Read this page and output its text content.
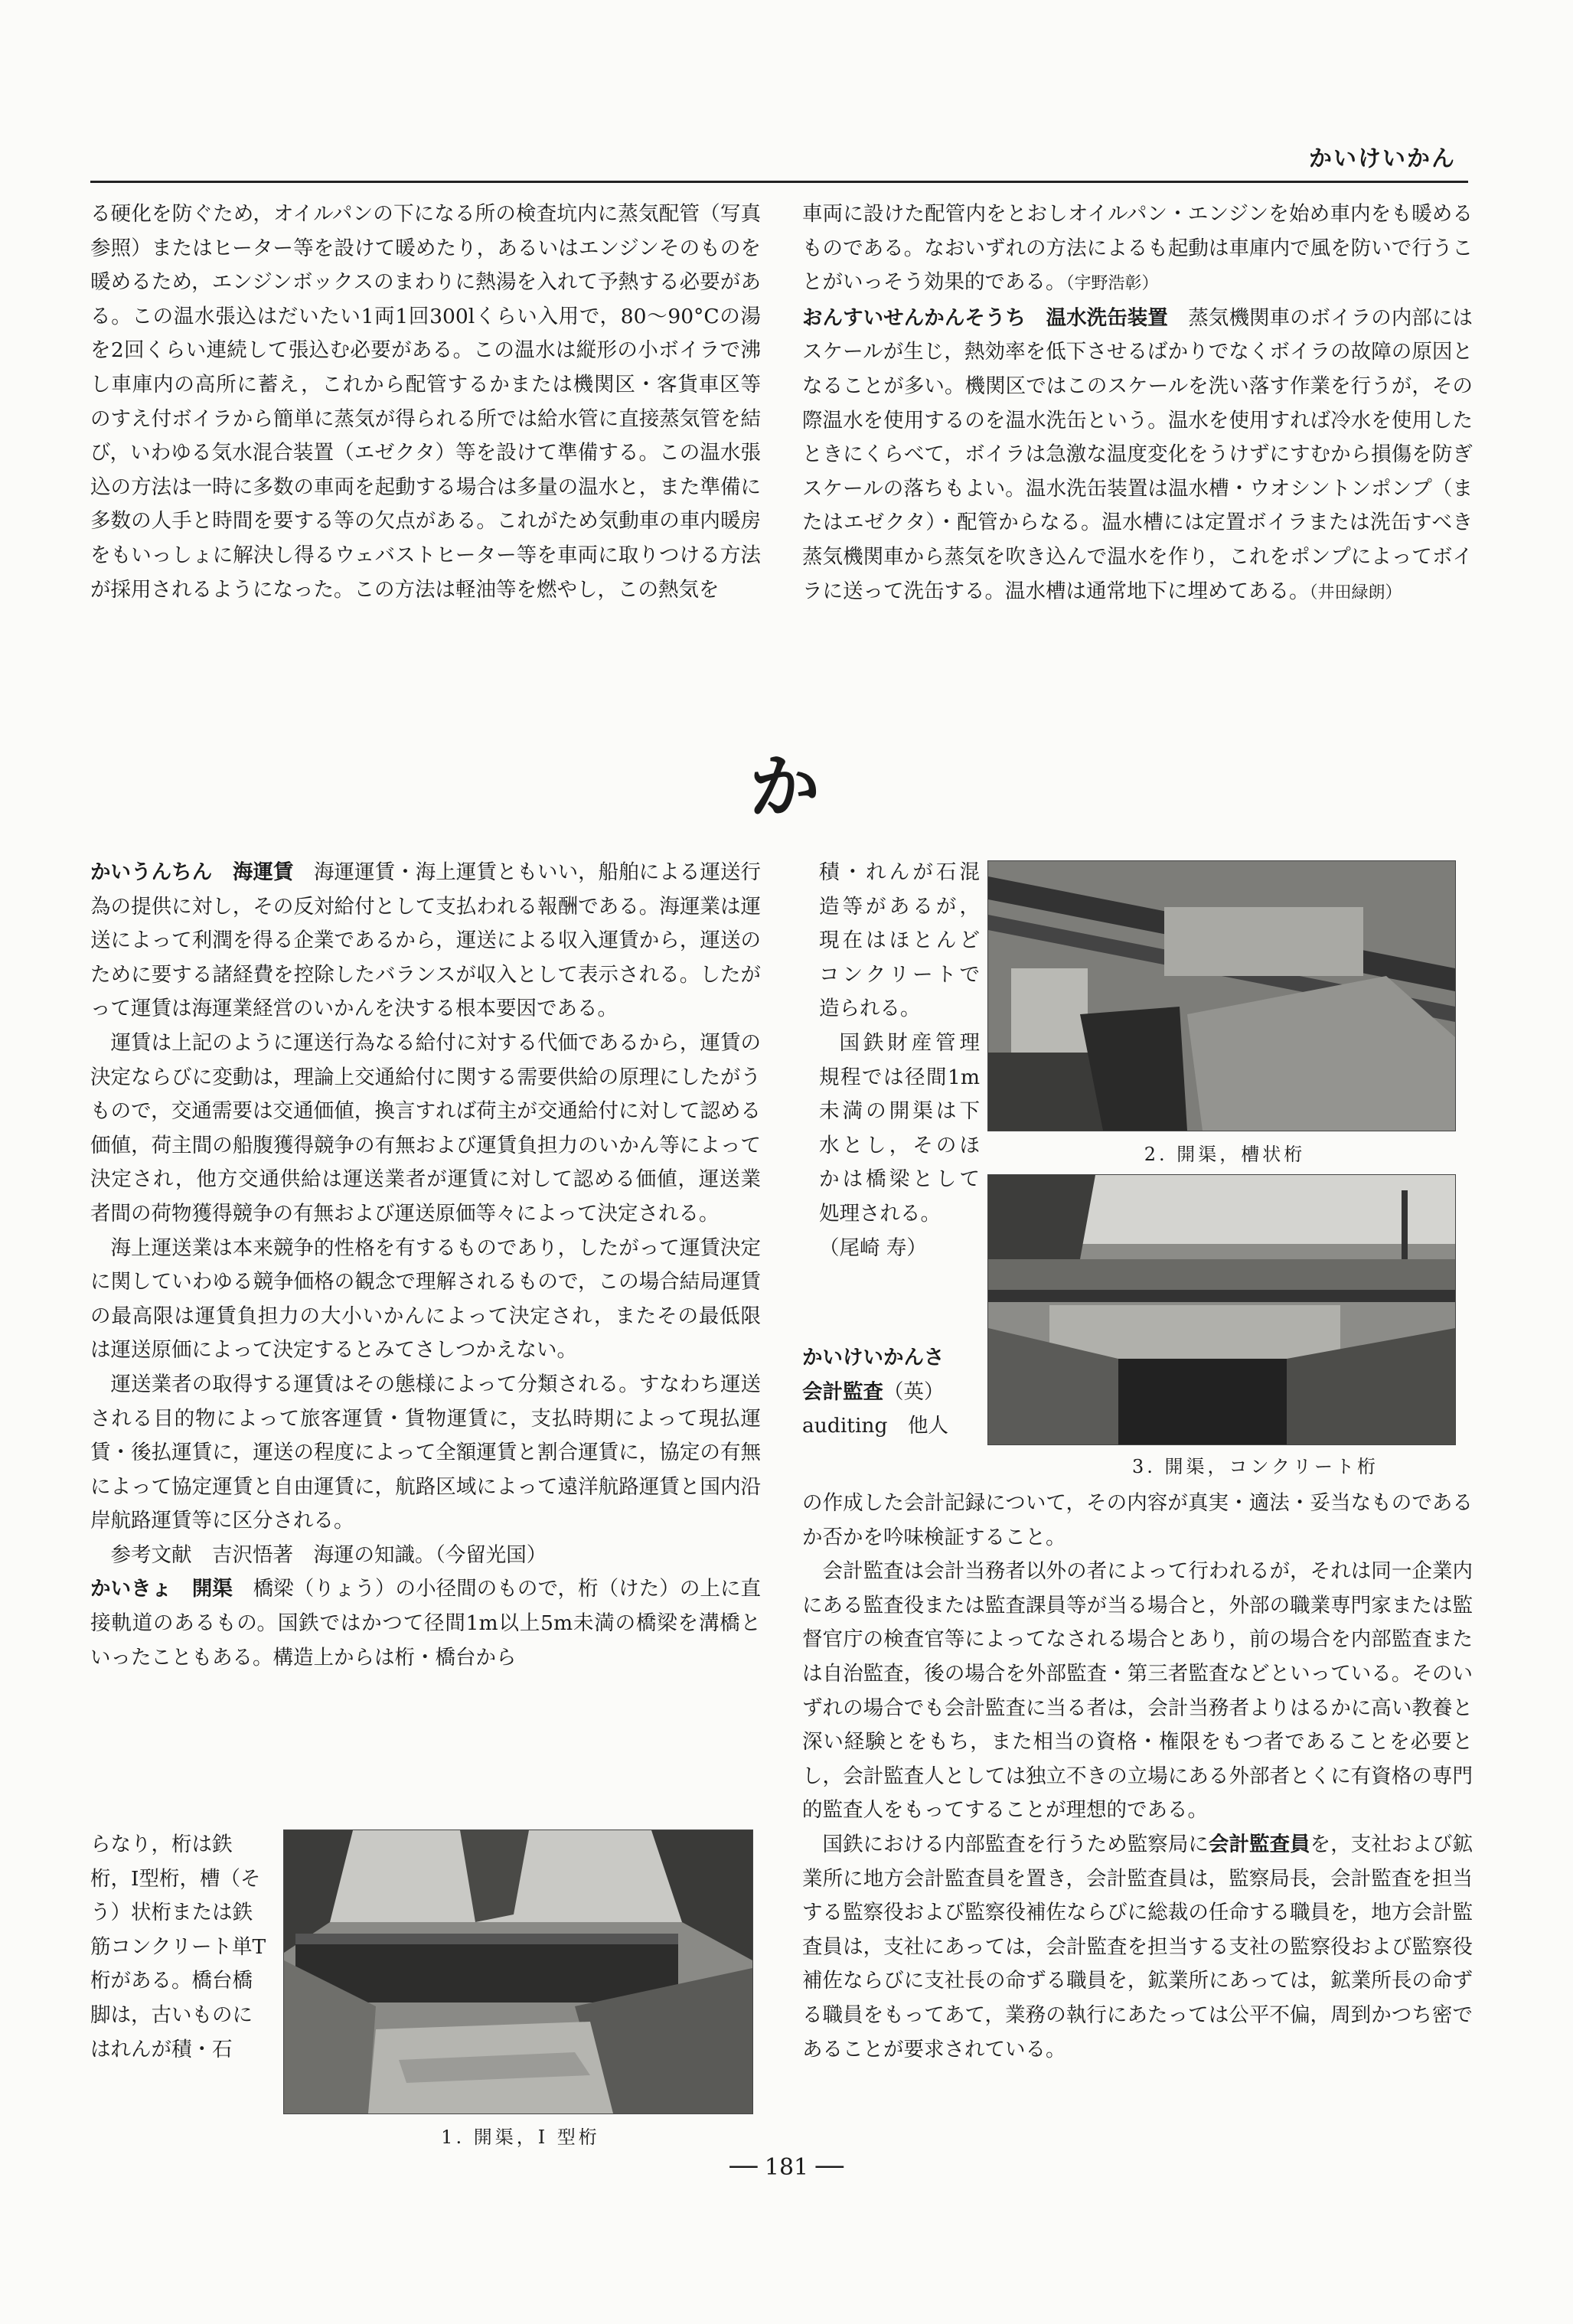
かいけいかん

る硬化を防ぐため，オイルパンの下になる所の検査坑内に蒸気配管（写真参照）またはヒーター等を設けて暖めたり，あるいはエンジンそのものを暖めるため，エンジンボックスのまわりに熱湯を入れて予熱する必要がある。この温水張込はだいたい1両1回300lくらい入用で，80〜90°Cの湯を2回くらい連続して張込む必要がある。この温水は縦形の小ボイラで沸し車庫内の高所に蓄え，これから配管するかまたは機関区・客貨車区等のすえ付ボイラから簡単に蒸気が得られる所では給水管に直接蒸気管を結び，いわゆる気水混合装置（エゼクタ）等を設けて準備する。この温水張込の方法は一時に多数の車両を起動する場合は多量の温水と，また準備に多数の人手と時間を要する等の欠点がある。これがため気動車の車内暖房をもいっしょに解決し得るウェバストヒーター等を車両に取りつける方法が採用されるようになった。この方法は軽油等を燃やし，この熱気を

車両に設けた配管内をとおしオイルパン・エンジンを始め車内をも暖めるものである。なおいずれの方法によるも起動は車庫内で風を防いで行うことがいっそう効果的である。（宇野浩彰）

おんすいせんかんそうち　 温水洗缶装置　 蒸気機関車のボイラの内部にはスケールが生じ，熱効率を低下させるばかりでなくボイラの故障の原因となることが多い。機関区ではこのスケールを洗い落す作業を行うが，その際温水を使用するのを温水洗缶という。温水を使用すれば冷水を使用したときにくらべて，ボイラは急激な温度変化をうけずにすむから損傷を防ぎスケールの落ちもよい。温水洗缶装置は温水槽・ウオシントンポンプ（またはエゼクタ）・配管からなる。温水槽には定置ボイラまたは洗缶すべき蒸気機関車から蒸気を吹き込んで温水を作り，これをポンプによってボイラに送って洗缶する。温水槽は通常地下に埋めてある。（井田緑朗）

か

かいうんちん　 海運賃　 海運運賃・海上運賃ともいい，船舶による運送行為の提供に対し，その反対給付として支払われる報酬である。海運業は運送によって利潤を得る企業であるから，運送による収入運賃から，運送のために要する諸経費を控除したバランスが収入として表示される。したがって運賃は海運業経営のいかんを決する根本要因である。

運賃は上記のように運送行為なる給付に対する代価であるから，運賃の決定ならびに変動は，理論上交通給付に関する需要供給の原理にしたがうもので，交通需要は交通価値，換言すれば荷主が交通給付に対して認める価値，荷主間の船腹獲得競争の有無および運賃負担力のいかん等によって決定され，他方交通供給は運送業者が運賃に対して認める価値，運送業者間の荷物獲得競争の有無および運送原価等々によって決定される。

海上運送業は本来競争的性格を有するものであり，したがって運賃決定に関していわゆる競争価格の観念で理解されるもので，この場合結局運賃の最高限は運賃負担力の大小いかんによって決定され，またその最低限は運送原価によって決定するとみてさしつかえない。

運送業者の取得する運賃はその態様によって分類される。すなわち運送される目的物によって旅客運賃・貨物運賃に，支払時期によって現払運賃・後払運賃に，運送の程度によって全額運賃と割合運賃に，協定の有無によって協定運賃と自由運賃に，航路区域によって遠洋航路運賃と国内沿岸航路運賃等に区分される。

参考文献　吉沢悟著　海運の知識。（今留光国）

かいきょ　 開渠　 橋梁（りょう）の小径間のもので，桁（けた）の上に直接軌道のあるもの。国鉄ではかつて径間1m以上5m未満の橋梁を溝橋といったこともある。構造上からは桁・橋台から

らなり，桁は鉄桁，I型桁，槽（そう）状桁または鉄筋コンクリート単T桁がある。橋台橋脚は，古いものにはれんが積・石

1. 開渠，I 型桁

積・れんが石混造等があるが，現在はほとんどコンクリートで造られる。

国鉄財産管理規程では径間1m未満の開渠は下水とし，そのほかは橋梁として処理される。

（尾崎 寿）

かいけいかんさ　会計監査（英）auditing　 他人
2. 開渠，槽状桁
3. 開渠，コンクリート桁

の作成した会計記録について，その内容が真実・適法・妥当なものであるか否かを吟味検証すること。

会計監査は会計当務者以外の者によって行われるが，それは同一企業内にある監査役または監査課員等が当る場合と，外部の職業専門家または監督官庁の検査官等によってなされる場合とあり，前の場合を内部監査または自治監査，後の場合を外部監査・第三者監査などといっている。そのいずれの場合でも会計監査に当る者は，会計当務者よりはるかに高い教養と深い経験とをもち，また相当の資格・権限をもつ者であることを必要とし，会計監査人としては独立不きの立場にある外部者とくに有資格の専門的監査人をもってすることが理想的である。

国鉄における内部監査を行うため監察局に会計監査員を，支社および鉱業所に地方会計監査員を置き，会計監査員は，監察局長，会計監査を担当する監察役および監察役補佐ならびに総裁の任命する職員を，地方会計監査員は，支社にあっては，会計監査を担当する支社の監察役および監察役補佐ならびに支社長の命ずる職員を，鉱業所にあっては，鉱業所長の命ずる職員をもってあて，業務の執行にあたっては公平不偏，周到かつち密であることが要求されている。

── 181 ──
